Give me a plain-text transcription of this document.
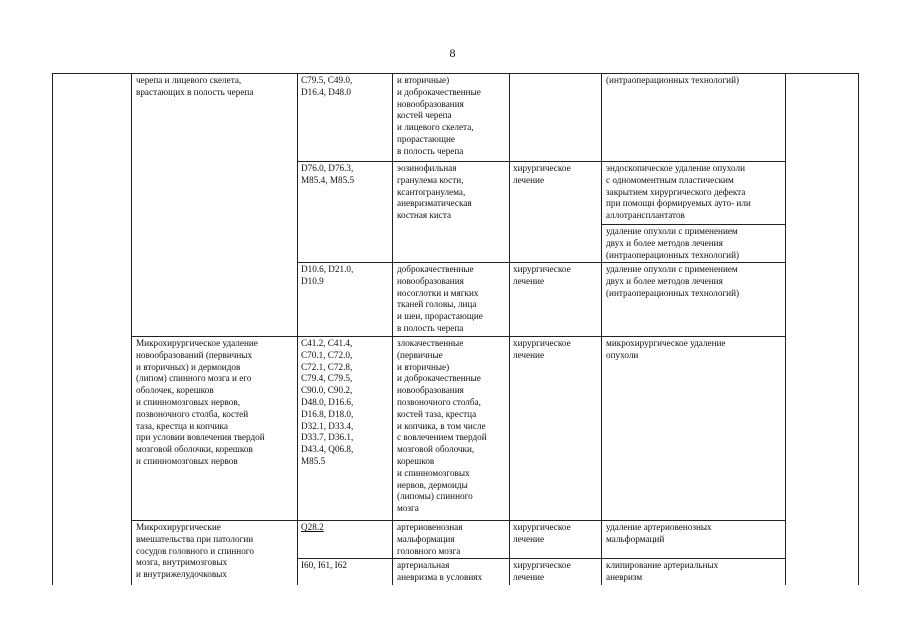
8
черепа и лицевого скелета,
врастающих в полость черепа
C79.5, C49.0,
D16.4, D48.0
и вторичные)
и доброкачественные
новообразования
костей черепа
и лицевого скелета,
прорастающие
в полость черепа
(интраоперационных технологий)
D76.0, D76.3,
M85.4, M85.5
эозинофильная
гранулема кости,
ксантогранулема,
аневризматическая
костная киста
хирургическое
лечение
эндоскопическое удаление опухоли
с одномоментным пластическим
закрытием хирургического дефекта
при помощи формируемых ауто- или
аллотрансплантатов
удаление опухоли с применением
двух и более методов лечения
(интраоперационных технологий)
D10.6, D21.0,
D10.9
доброкачественные
новообразования
носоглотки и мягких
тканей головы, лица
и шеи, прорастающие
в полость черепа
хирургическое
лечение
удаление опухоли с применением
двух и более методов лечения
(интраоперационных технологий)
Микрохирургическое удаление
новообразований (первичных
и вторичных) и дермоидов
(липом) спинного мозга и его
оболочек, корешков
и спинномозговых нервов,
позвоночного столба, костей
таза, крестца и копчика
при условии вовлечения твердой
мозговой оболочки, корешков
и спинномозговых нервов
C41.2, C41.4,
C70.1, C72.0,
C72.1, C72.8,
C79.4, C79.5,
C90.0, C90.2,
D48.0, D16.6,
D16.8, D18.0,
D32.1, D33.4,
D33.7, D36.1,
D43.4, Q06.8,
M85.5
злокачественные
(первичные
и вторичные)
и доброкачественные
новообразования
позвоночного столба,
костей таза, крестца
и копчика, в том числе
с вовлечением твердой
мозговой оболочки,
корешков
и спинномозговых
нервов, дермоиды
(липомы) спинного
мозга
хирургическое
лечение
микрохирургическое удаление
опухоли
Микрохирургические
вмешательства при патологии
сосудов головного и спинного
мозга, внутримозговых
и внутрижелудочковых
Q28.2	артериовенозная
мальформация
головного мозга
хирургическое
лечение
удаление артериовенозных
мальформаций
I60, I61, I62	артериальная
аневризма в условиях
хирургическое
лечение
клипирование артериальных
аневризм
